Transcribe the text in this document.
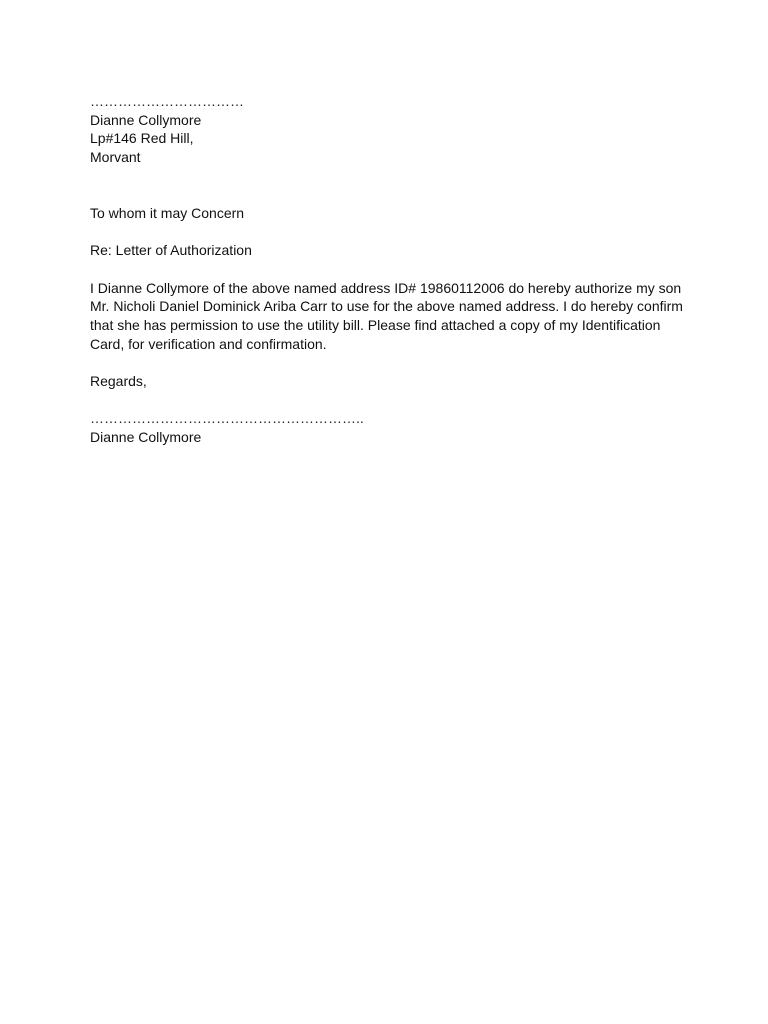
……………………………
Dianne Collymore
Lp#146 Red Hill,
Morvant
To whom it may Concern
Re: Letter of Authorization
I Dianne Collymore of the above named address ID# 19860112006 do hereby authorize my son
Mr. Nicholi Daniel Dominick Ariba Carr to use for the above named address. I do hereby confirm
that she has permission to use the utility bill. Please find attached a copy of my Identification
Card, for verification and confirmation.
Regards,
…………………………………………………..
Dianne Collymore
